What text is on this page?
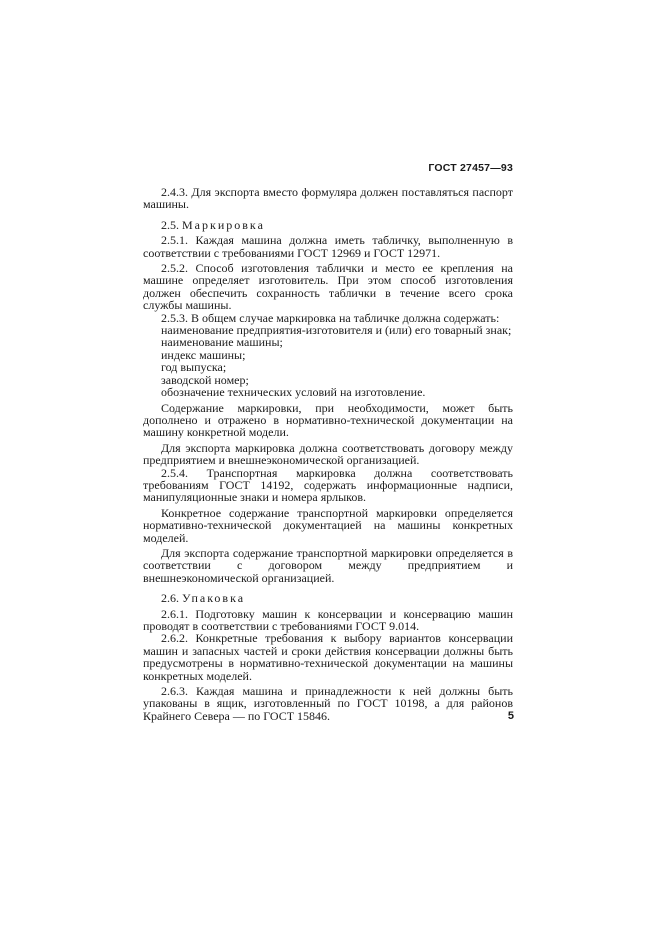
ГОСТ 27457—93

2.4.3. Для экспорта вместо формуляра должен поставляться паспорт машины.

2.5. Маркировка

2.5.1. Каждая машина должна иметь табличку, выполненную в соответствии с требованиями ГОСТ 12969 и ГОСТ 12971.

2.5.2. Способ изготовления таблички и место ее крепления на машине определяет изготовитель. При этом способ изготовления должен обеспечить сохранность таблички в течение всего срока службы машины.

2.5.3. В общем случае маркировка на табличке должна содержать:

наименование предприятия-изготовителя и (или) его товарный знак;
наименование машины;
индекс машины;
год выпуска;
заводской номер;
обозначение технических условий на изготовление.

Содержание маркировки, при необходимости, может быть дополнено и отражено в нормативно-технической документации на машину конкретной модели.

Для экспорта маркировка должна соответствовать договору между предприятием и внешнеэкономической организацией.

2.5.4. Транспортная маркировка должна соответствовать требованиям ГОСТ 14192, содержать информационные надписи, манипуляционные знаки и номера ярлыков.

Конкретное содержание транспортной маркировки определяется нормативно-технической документацией на машины конкретных моделей.

Для экспорта содержание транспортной маркировки определяется в соответствии с договором между предприятием и внешнеэкономической организацией.

2.6. Упаковка

2.6.1. Подготовку машин к консервации и консервацию машин проводят в соответствии с требованиями ГОСТ 9.014.

2.6.2. Конкретные требования к выбору вариантов консервации машин и запасных частей и сроки действия консервации должны быть предусмотрены в нормативно-технической документации на машины конкретных моделей.

2.6.3. Каждая машина и принадлежности к ней должны быть упакованы в ящик, изготовленный по ГОСТ 10198, а для районов Крайнего Севера — по ГОСТ 15846.	5
